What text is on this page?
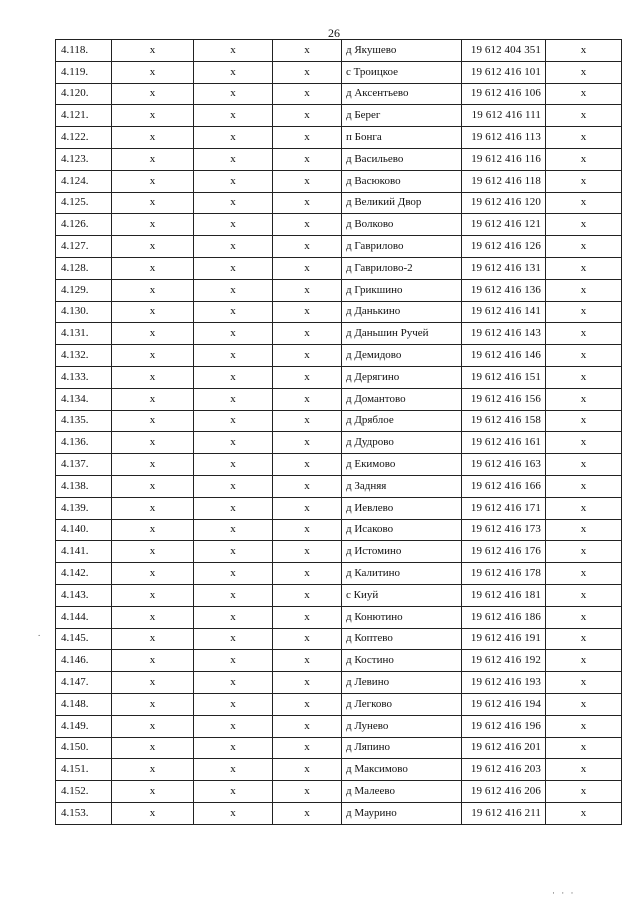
26
4.118.	x	x	x	д Якушево	19 612 404 351	x
4.119.	x	x	x	с Троицкое	19 612 416 101	x
4.120.	x	x	x	д Аксентьево	19 612 416 106	x
4.121.	x	x	x	д Берег	19 612 416 111	x
4.122.	x	x	x	п Бонга	19 612 416 113	x
4.123.	x	x	x	д Васильево	19 612 416 116	x
4.124.	x	x	x	д Васюково	19 612 416 118	x
4.125.	x	x	x	д Великий Двор	19 612 416 120	x
4.126.	x	x	x	д Волково	19 612 416 121	x
4.127.	x	x	x	д Гаврилово	19 612 416 126	x
4.128.	x	x	x	д Гаврилово-2	19 612 416 131	x
4.129.	x	x	x	д Грикшино	19 612 416 136	x
4.130.	x	x	x	д Данькино	19 612 416 141	x
4.131.	x	x	x	д Даньшин Ручей	19 612 416 143	x
4.132.	x	x	x	д Демидово	19 612 416 146	x
4.133.	x	x	x	д Дерягино	19 612 416 151	x
4.134.	x	x	x	д Домантово	19 612 416 156	x
4.135.	x	x	x	д Дряблое	19 612 416 158	x
4.136.	x	x	x	д Дудрово	19 612 416 161	x
4.137.	x	x	x	д Екимово	19 612 416 163	x
4.138.	x	x	x	д Задняя	19 612 416 166	x
4.139.	x	x	x	д Иевлево	19 612 416 171	x
4.140.	x	x	x	д Исаково	19 612 416 173	x
4.141.	x	x	x	д Истомино	19 612 416 176	x
4.142.	x	x	x	д Калитино	19 612 416 178	x
4.143.	x	x	x	с Киуй	19 612 416 181	x
4.144.	x	x	x	д Конютино	19 612 416 186	x
4.145.	x	x	x	д Коптево	19 612 416 191	x
4.146.	x	x	x	д Костино	19 612 416 192	x
4.147.	x	x	x	д Левино	19 612 416 193	x
4.148.	x	x	x	д Легково	19 612 416 194	x
4.149.	x	x	x	д Лунево	19 612 416 196	x
4.150.	x	x	x	д Ляпино	19 612 416 201	x
4.151.	x	x	x	д Максимово	19 612 416 203	x
4.152.	x	x	x	д Малеево	19 612 416 206	x
4.153.	x	x	x	д Маурино	19 612 416 211	x
.
· · ·
